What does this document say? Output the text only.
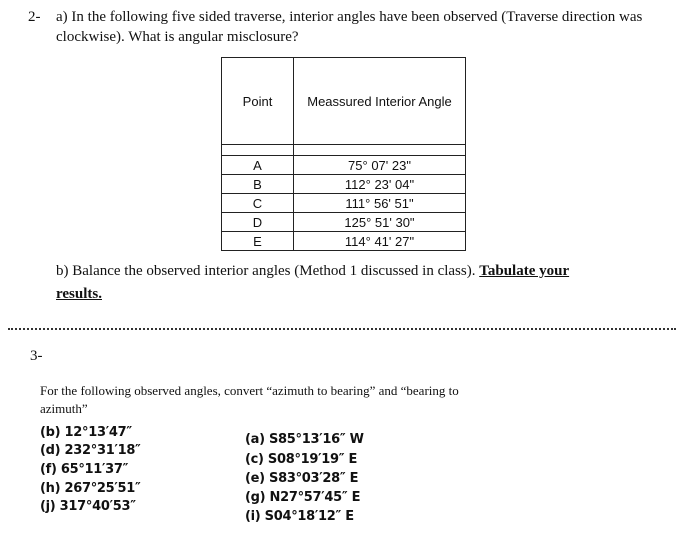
2- a) In the following five sided traverse, interior angles have been observed (Traverse direction was
clockwise). What is angular misclosure?
Point	Meassured Interior Angle

A	75° 07' 23"
B	112° 23' 04"
C	111° 56' 51"
D	125° 51' 30"
E	114° 41' 27"
b) Balance the observed interior angles (Method 1 discussed in class). Tabulate your
results.
3-
For the following observed angles, convert “azimuth to bearing” and “bearing to
azimuth”
(b) 12°13′47″
(d) 232°31′18″
(f) 65°11′37″
(h) 267°25′51″
(j) 317°40′53″
(a) S85°13′16″ W
(c) S08°19′19″ E
(e) S83°03′28″ E
(g) N27°57′45″ E
(i) S04°18′12″ E
